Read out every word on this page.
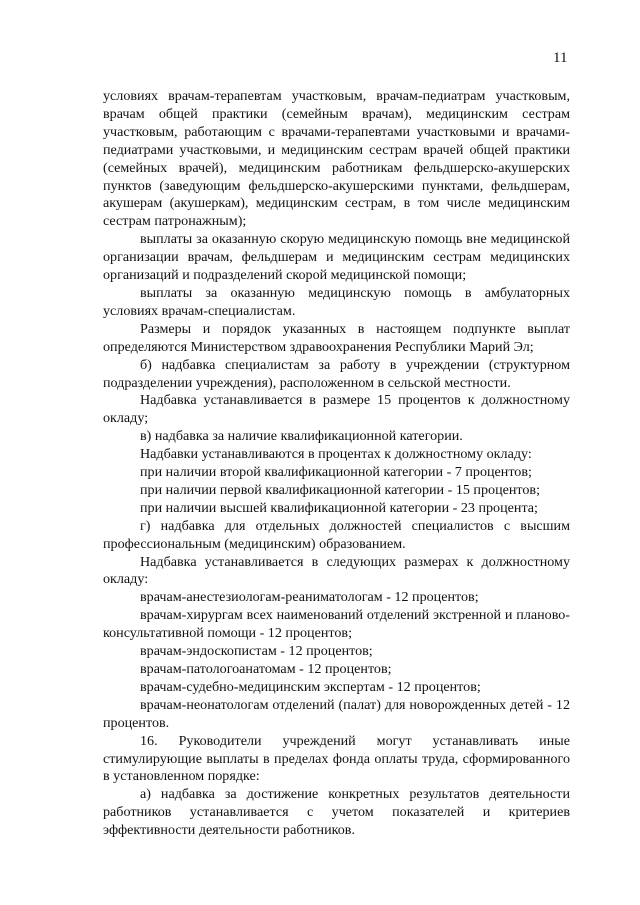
11

условиях врачам-терапевтам участковым, врачам-педиатрам участковым, врачам общей практики (семейным врачам), медицинским сестрам участковым, работающим с врачами-терапевтами участковыми и врачами-педиатрами участковыми, и медицинским сестрам врачей общей практики (семейных врачей), медицинским работникам фельдшерско-акушерских пунктов (заведующим фельдшерско-акушерскими пунктами, фельдшерам, акушерам (акушеркам), медицинским сестрам, в том числе медицинским сестрам патронажным);

выплаты за оказанную скорую медицинскую помощь вне медицинской организации врачам, фельдшерам и медицинским сестрам медицинских организаций и подразделений скорой медицинской помощи;

выплаты за оказанную медицинскую помощь в амбулаторных условиях врачам-специалистам.

Размеры и порядок указанных в настоящем подпункте выплат определяются Министерством здравоохранения Республики Марий Эл;

б) надбавка специалистам за работу в учреждении (структурном подразделении учреждения), расположенном в сельской местности.

Надбавка устанавливается в размере 15 процентов к должностному окладу;

в) надбавка за наличие квалификационной категории.

Надбавки устанавливаются в процентах к должностному окладу:

при наличии второй квалификационной категории - 7 процентов;

при наличии первой квалификационной категории - 15 процентов;

при наличии высшей квалификационной категории - 23 процента;

г) надбавка для отдельных должностей специалистов с высшим профессиональным (медицинским) образованием.

Надбавка устанавливается в следующих размерах к должностному окладу:

врачам-анестезиологам-реаниматологам - 12 процентов;

врачам-хирургам всех наименований отделений экстренной и планово-консультативной помощи - 12 процентов;

врачам-эндоскопистам - 12 процентов;

врачам-патологоанатомам - 12 процентов;

врачам-судебно-медицинским экспертам - 12 процентов;

врачам-неонатологам отделений (палат) для новорожденных детей - 12 процентов.

16. Руководители учреждений могут устанавливать иные стимулирующие выплаты в пределах фонда оплаты труда, сформированного в установленном порядке:

а) надбавка за достижение конкретных результатов деятельности работников устанавливается с учетом показателей и критериев эффективности деятельности работников.
